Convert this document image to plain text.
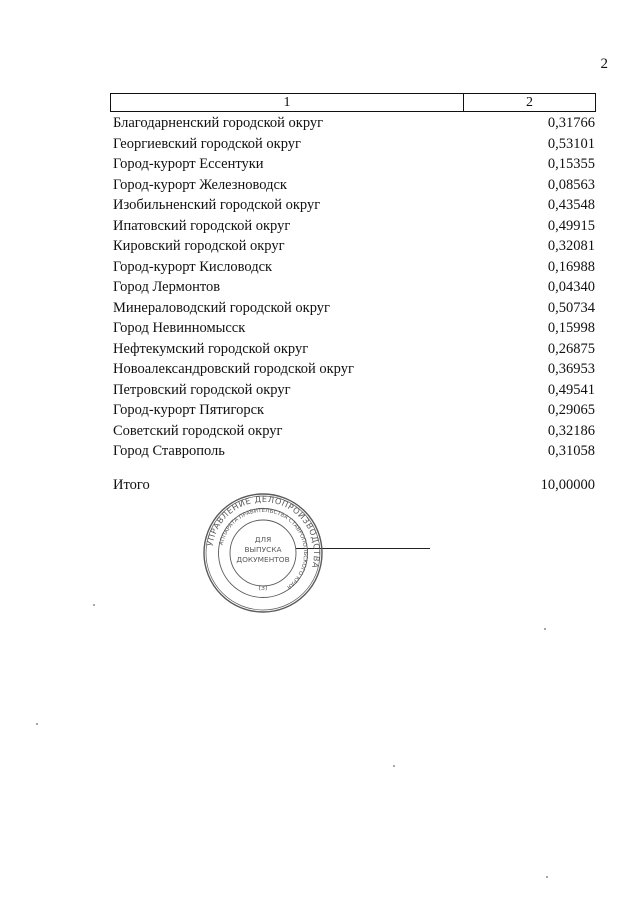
2
1	2
Благодарненский городской округ	0,31766
Георгиевский городской округ	0,53101
Город-курорт Ессентуки	0,15355
Город-курорт Железноводск	0,08563
Изобильненский городской округ	0,43548
Ипатовский городской округ	0,49915
Кировский городской округ	0,32081
Город-курорт Кисловодск	0,16988
Город Лермонтов	0,04340
Минераловодский городской округ	0,50734
Город Невинномысск	0,15998
Нефтекумский городской округ	0,26875
Новоалександровский городской округ	0,36953
Петровский городской округ	0,49541
Город-курорт Пятигорск	0,29065
Советский городской округ	0,32186
Город Ставрополь	0,31058
Итого	10,00000
УПРАВЛЕНИЕ ДЕЛОПРОИЗВОДСТВА
АППАРАТА ПРАВИТЕЛЬСТВА СТАВРОПОЛЬСКОГО КРАЯ
ДЛЯ
ВЫПУСКА
ДОКУМЕНТОВ
(3)
